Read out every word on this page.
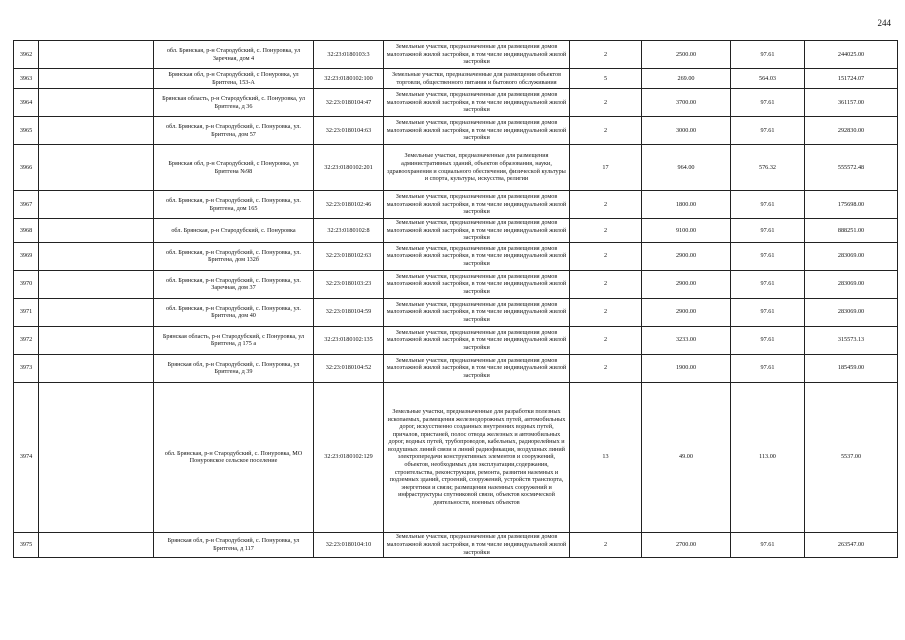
244
3962		обл. Брянская, р-н Стародубский, с. Понуровка, ул Заречная, дом 4	32:23:0180103:3	Земельные участки, предназначенные для размещения домов малоэтажной жилой застройки, в том числе индивидуальной жилой застройки	2	2500.00	97.61	244025.00
3963		Брянская обл, р-н Стародубский, с Понуровка, ул Бритгена, 153-А	32:23:0180102:100	Земельные участки, предназначенные для размещения объектов торговли, общественного питания и бытового обслуживания	5	269.00	564.03	151724.07
3964		Брянская область, р-н Стародубский, с. Понуровка, ул Бритгена, д 36	32:23:0180104:47	Земельные участки, предназначенные для размещения домов малоэтажной жилой застройки, в том числе индивидуальной жилой застройки	2	3700.00	97.61	361157.00
3965		обл. Брянская, р-н Стародубский, с. Понуровка, ул. Бритгена, дом 57	32:23:0180104:63	Земельные участки, предназначенные для размещения домов малоэтажной жилой застройки, в том числе индивидуальной жилой застройки	2	3000.00	97.61	292830.00
3966		Брянская обл, р-н Стародубский, с Понуровка, ул Бритгена №98	32:23:0180102:201	Земельные участки, предназначенные для размещения административных зданий, объектов образования, науки, здравоохранения и социального обеспечения, физической культуры и спорта, культуры, искусства, религии	17	964.00	576.32	555572.48
3967		обл. Брянская, р-н Стародубский, с. Понуровка, ул. Бритгена, дом 165	32:23:0180102:46	Земельные участки, предназначенные для размещения домов малоэтажной жилой застройки, в том числе индивидуальной жилой застройки	2	1800.00	97.61	175698.00
3968		обл. Брянская, р-н Стародубский, с. Понуровка	32:23:0180102:8	Земельные участки, предназначенные для размещения домов малоэтажной жилой застройки, в том числе индивидуальной жилой застройки	2	9100.00	97.61	888251.00
3969		обл. Брянская, р-н Стародубский, с. Понуровка, ул. Бритгена, дом 132б	32:23:0180102:63	Земельные участки, предназначенные для размещения домов малоэтажной жилой застройки, в том числе индивидуальной жилой застройки	2	2900.00	97.61	283069.00
3970		обл. Брянская, р-н Стародубский, с. Понуровка, ул. Заречная, дом 37	32:23:0180103:23	Земельные участки, предназначенные для размещения домов малоэтажной жилой застройки, в том числе индивидуальной жилой застройки	2	2900.00	97.61	283069.00
3971		обл. Брянская, р-н Стародубский, с. Понуровка, ул. Бритгена, дом 40	32:23:0180104:59	Земельные участки, предназначенные для размещения домов малоэтажной жилой застройки, в том числе индивидуальной жилой застройки	2	2900.00	97.61	283069.00
3972		Брянская область, р-н Стародубский, с Понуровка, ул Бритгена, д 175 а	32:23:0180102:135	Земельные участки, предназначенные для размещения домов малоэтажной жилой застройки, в том числе индивидуальной жилой застройки	2	3233.00	97.61	315573.13
3973		Брянская обл, р-н Стародубский, с. Понуровка, ул Бритгена, д 39	32:23:0180104:52	Земельные участки, предназначенные для размещения домов малоэтажной жилой застройки, в том числе индивидуальной жилой застройки	2	1900.00	97.61	185459.00
3974		обл. Брянская, р-н Стародубский, с. Понуровка, МО Понуровское сельское поселение	32:23:0180102:129	Земельные участки, предназначенные для разработки полезных ископаемых, размещения железнодорожных путей, автомобильных дорог, искусственно созданных внутренних водных путей, причалов, пристаней, полос отвода железных и автомобильных дорог, водных путей, трубопроводов, кабельных, радиорелейных и воздушных линий связи и линий радиофикации, воздушных линий электропередачи конструктивных элементов и сооружений, объектов, необходимых для эксплуатации,содержания, строительства, реконструкции, ремонта, развития наземных и подземных зданий, строений, сооружений, устройств транспорта, энергетики и связи; размещения наземных сооружений и инфраструктуры спутниковой связи, объектов космической деятельности, военных объектов	13	49.00	113.00	5537.00
3975		Брянская обл, р-н Стародубский, с. Понуровка, ул Бритгена, д 117	32:23:0180104:10	Земельные участки, предназначенные для размещения домов малоэтажной жилой застройки, в том числе индивидуальной жилой застройки	2	2700.00	97.61	263547.00
